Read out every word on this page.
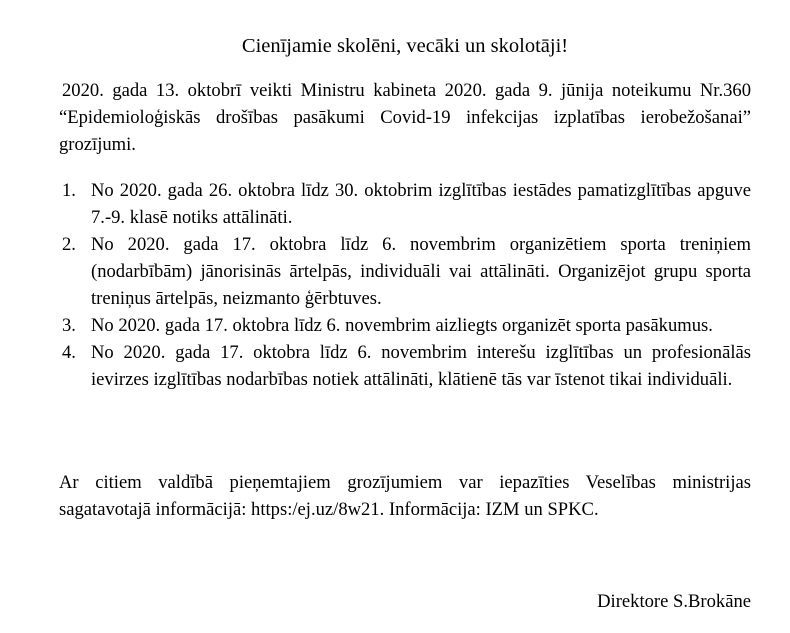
Cienījamie skolēni, vecāki un skolotāji!

2020. gada 13. oktobrī veikti Ministru kabineta 2020. gada 9. jūnija noteikumu Nr.360 “Epidemioloģiskās drošības pasākumi Covid-19 infekcijas izplatības ierobežošanai” grozījumi.

1. No 2020. gada 26. oktobra līdz 30. oktobrim izglītības iestādes pamatizglītības apguve 7.-9. klasē notiks attālināti.
2. No 2020. gada 17. oktobra līdz 6. novembrim organizētiem sporta treniņiem (nodarbībām) jānorisinās ārtelpās, individuāli vai attālināti. Organizējot grupu sporta treniņus ārtelpās, neizmanto ģērbtuves.
3. No 2020. gada 17. oktobra līdz 6. novembrim aizliegts organizēt sporta pasākumus.
4. No 2020. gada 17. oktobra līdz 6. novembrim interešu izglītības un profesionālās ievirzes izglītības nodarbības notiek attālināti, klātienē tās var īstenot tikai individuāli.

Ar citiem valdībā pieņemtajiem grozījumiem var iepazīties Veselības ministrijas sagatavotajā informācijā: https:/ej.uz/8w21. Informācija: IZM un SPKC.

Direktore S.Brokāne
